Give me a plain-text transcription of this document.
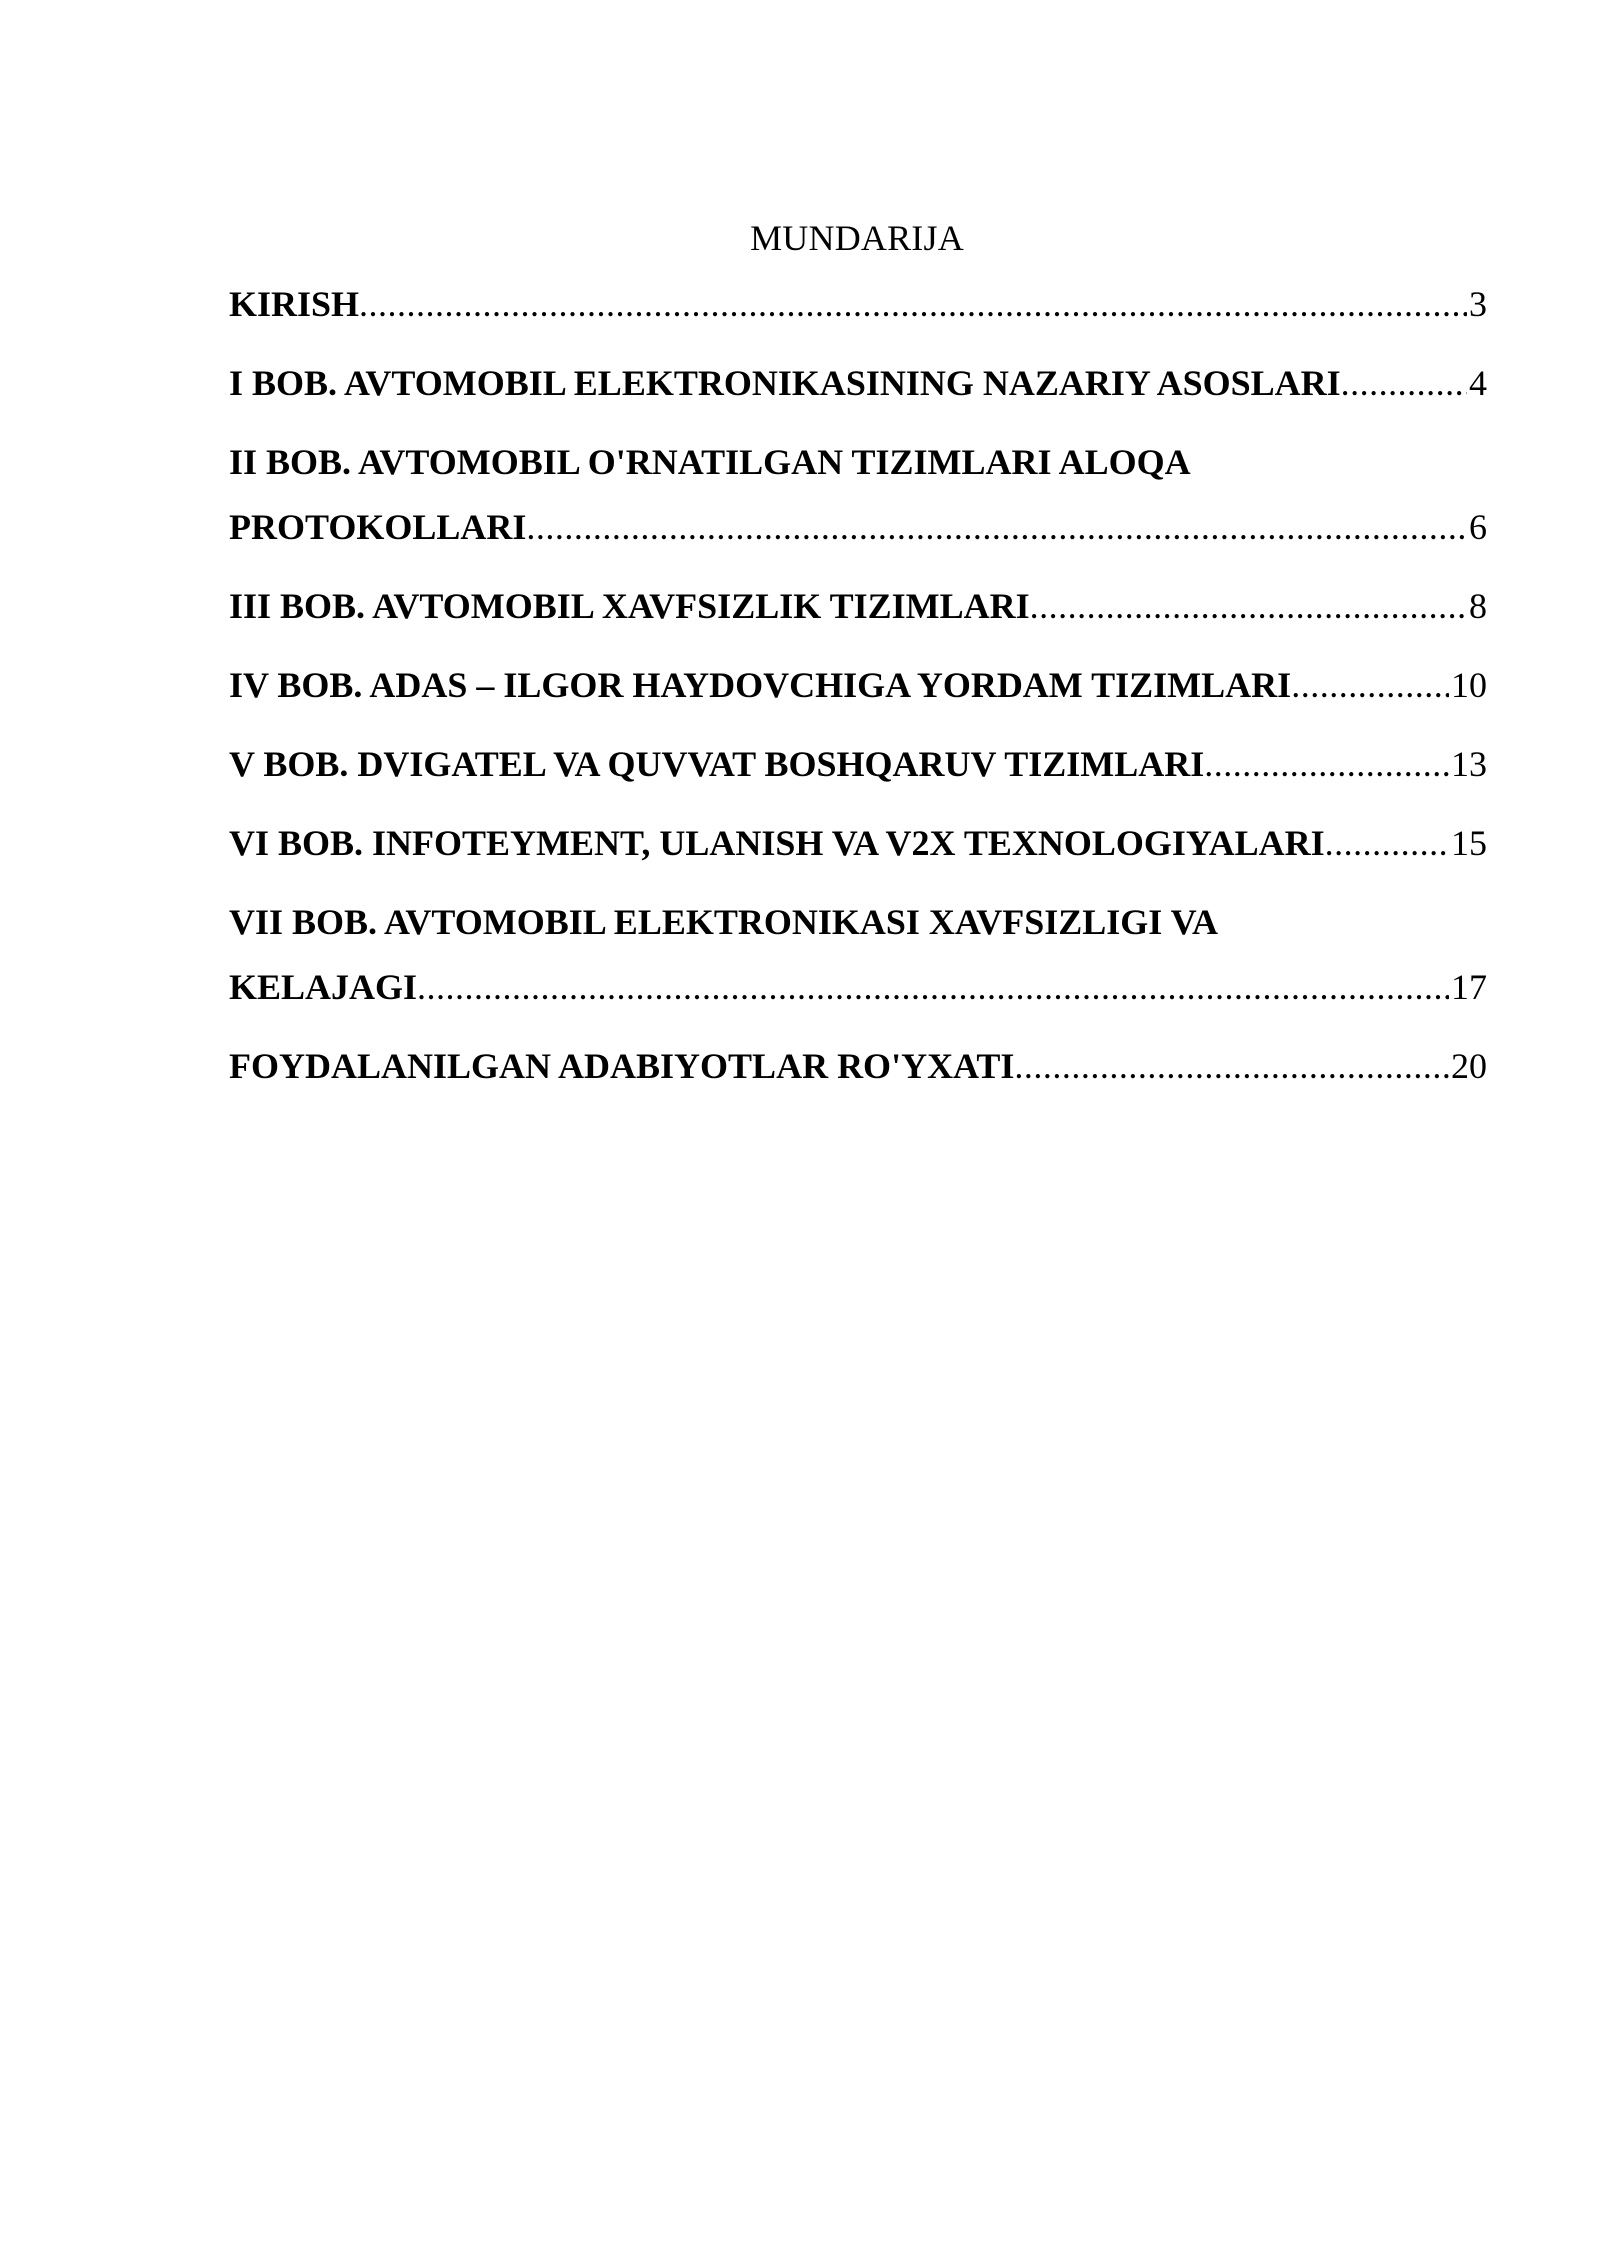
MUNDARIJA
KIRISH .....	3
I BOB. AVTOMOBIL ELEKTRONIKASINING NAZARIY ASOSLARI .....	4
II BOB. AVTOMOBIL O'RNATILGAN TIZIMLARI ALOQA
PROTOKOLLARI .....	6
III BOB. AVTOMOBIL XAVFSIZLIK TIZIMLARI .....	8
IV BOB. ADAS – ILGOR HAYDOVCHIGA YORDAM TIZIMLARI .....	10
V BOB. DVIGATEL VA QUVVAT BOSHQARUV TIZIMLARI .....	13
VI BOB. INFOTEYMENT, ULANISH VA V2X TEXNOLOGIYALARI .....	15
VII BOB. AVTOMOBIL ELEKTRONIKASI XAVFSIZLIGI VA
KELAJAGI .....	17
FOYDALANILGAN ADABIYOTLAR RO'YXATI .....	20
